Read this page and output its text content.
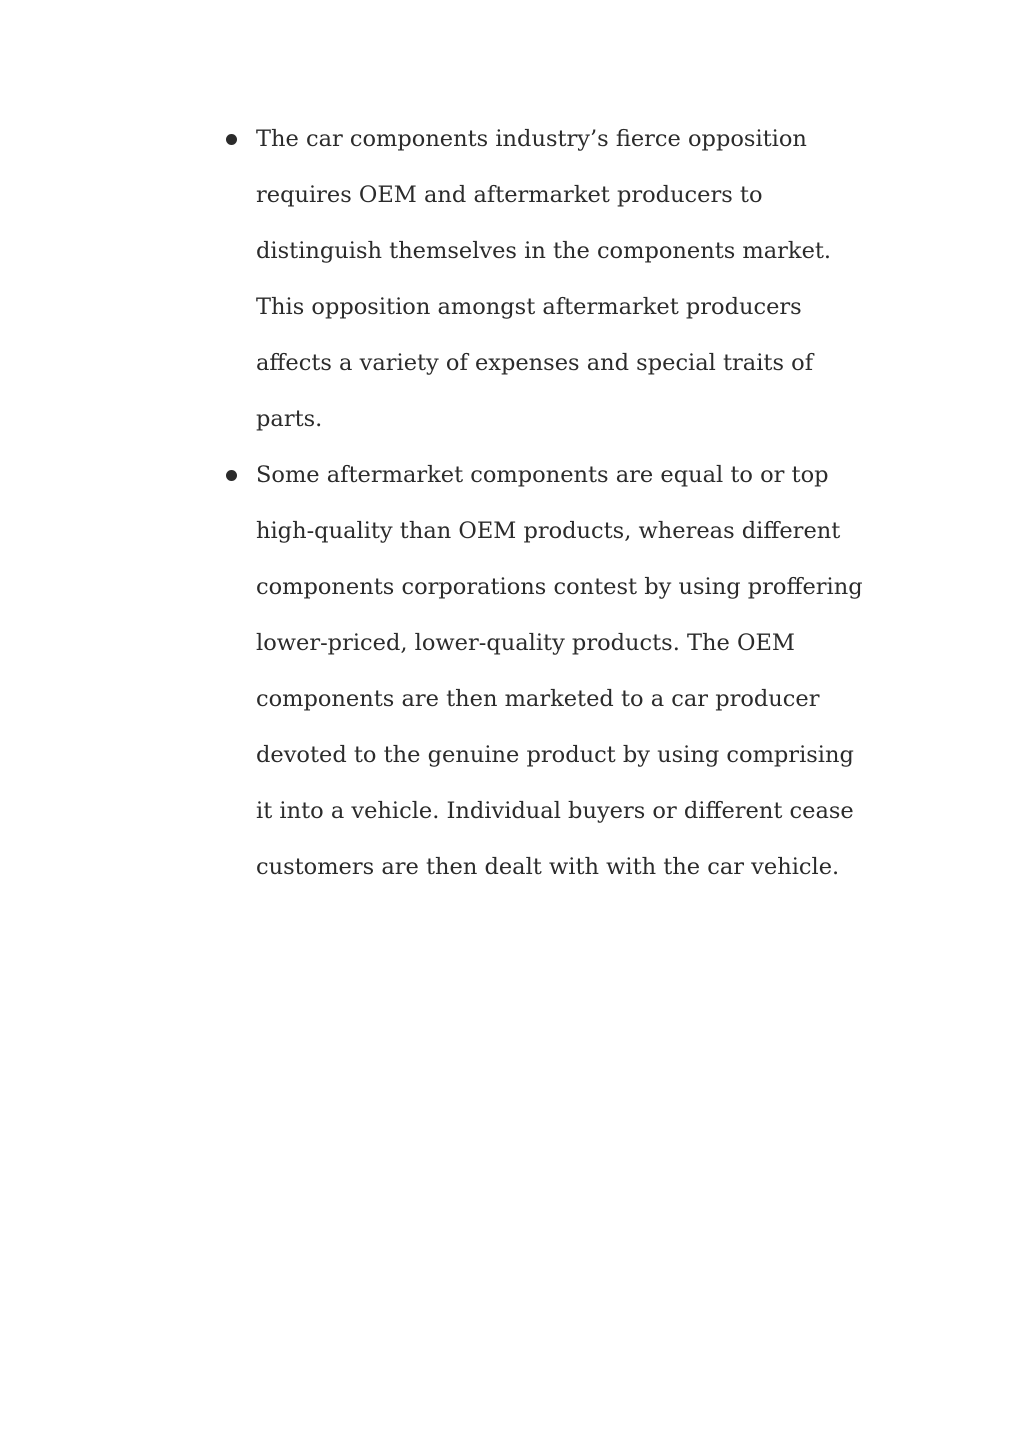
The car components industry’s fierce opposition
requires OEM and aftermarket producers to
distinguish themselves in the components market.
This opposition amongst aftermarket producers
affects a variety of expenses and special traits of
parts.
Some aftermarket components are equal to or top
high-quality than OEM products, whereas different
components corporations contest by using proffering
lower-priced, lower-quality products. The OEM
components are then marketed to a car producer
devoted to the genuine product by using comprising
it into a vehicle. Individual buyers or different cease
customers are then dealt with with the car vehicle.
